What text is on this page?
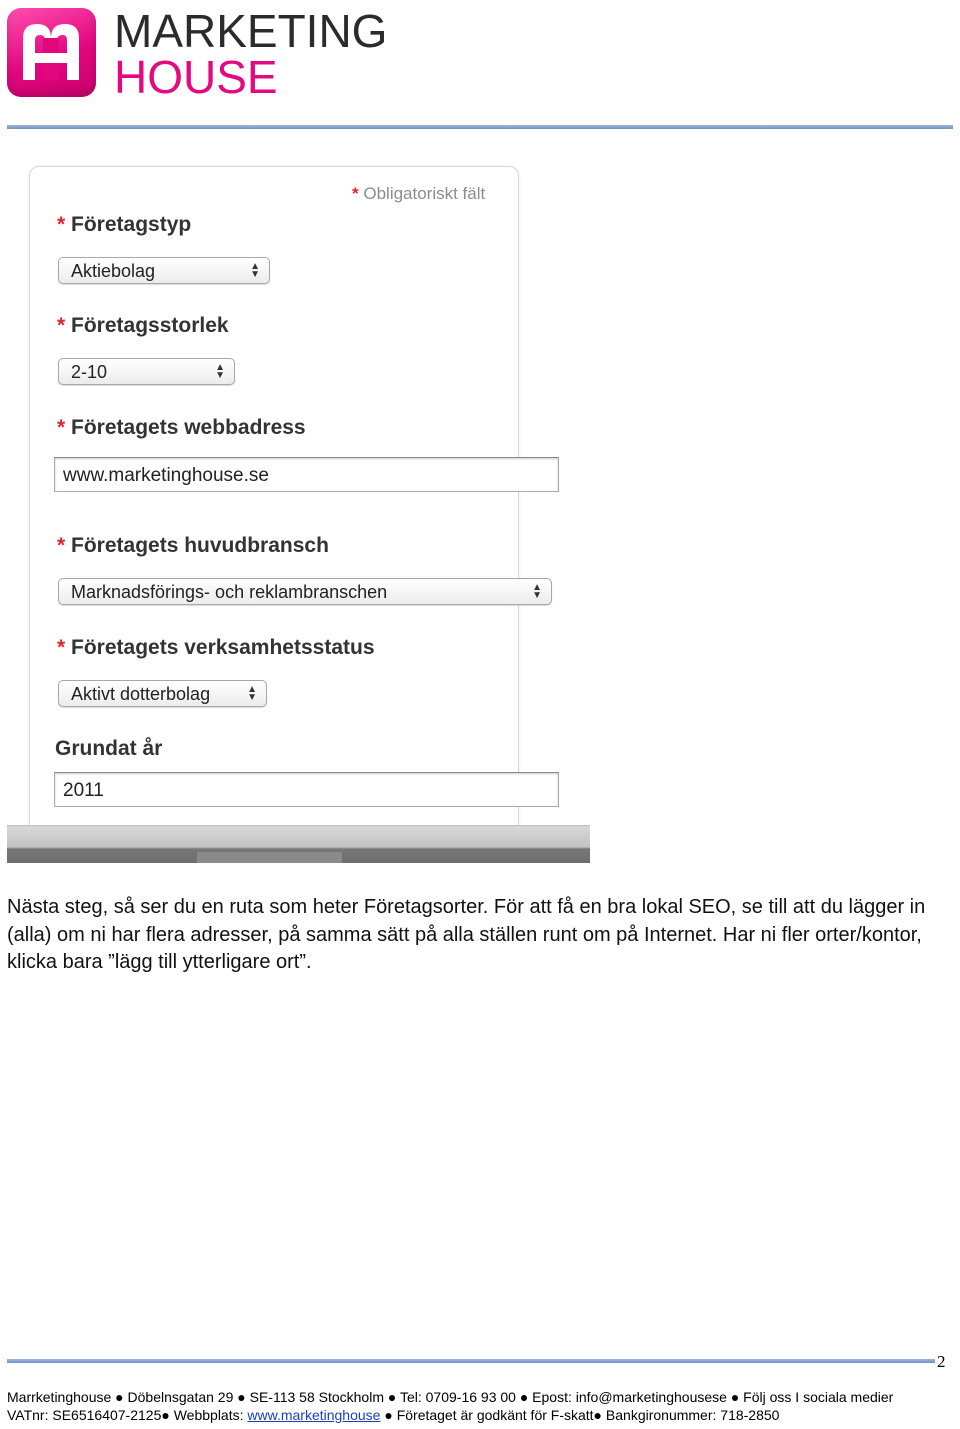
MARKETING
HOUSE
* Obligatoriskt fält
* Företagstyp
Aktiebolag	▲
▼
* Företagsstorlek
2-10	▲
▼
* Företagets webbadress
www.marketinghouse.se
* Företagets huvudbransch
Marknadsförings- och reklambranschen	▲
▼
* Företagets verksamhetsstatus
Aktivt dotterbolag	▲
▼
Grundat år
2011
Nästa steg, så ser du en ruta som heter Företagsorter. För att få en bra lokal SEO, se till att du lägger in (alla) om ni har flera adresser, på samma sätt på alla ställen runt om på Internet. Har ni fler orter/kontor, klicka bara ”lägg till ytterligare ort”.
2
Marrketinghouse ● Döbelnsgatan 29 ● SE-113 58 Stockholm ● Tel: 0709-16 93 00 ● Epost: info@marketinghousese ● Följ oss I sociala medier
VATnr: SE6516407-2125● Webbplats: www.marketinghouse ● Företaget är godkänt för F-skatt● Bankgironummer: 718-2850
